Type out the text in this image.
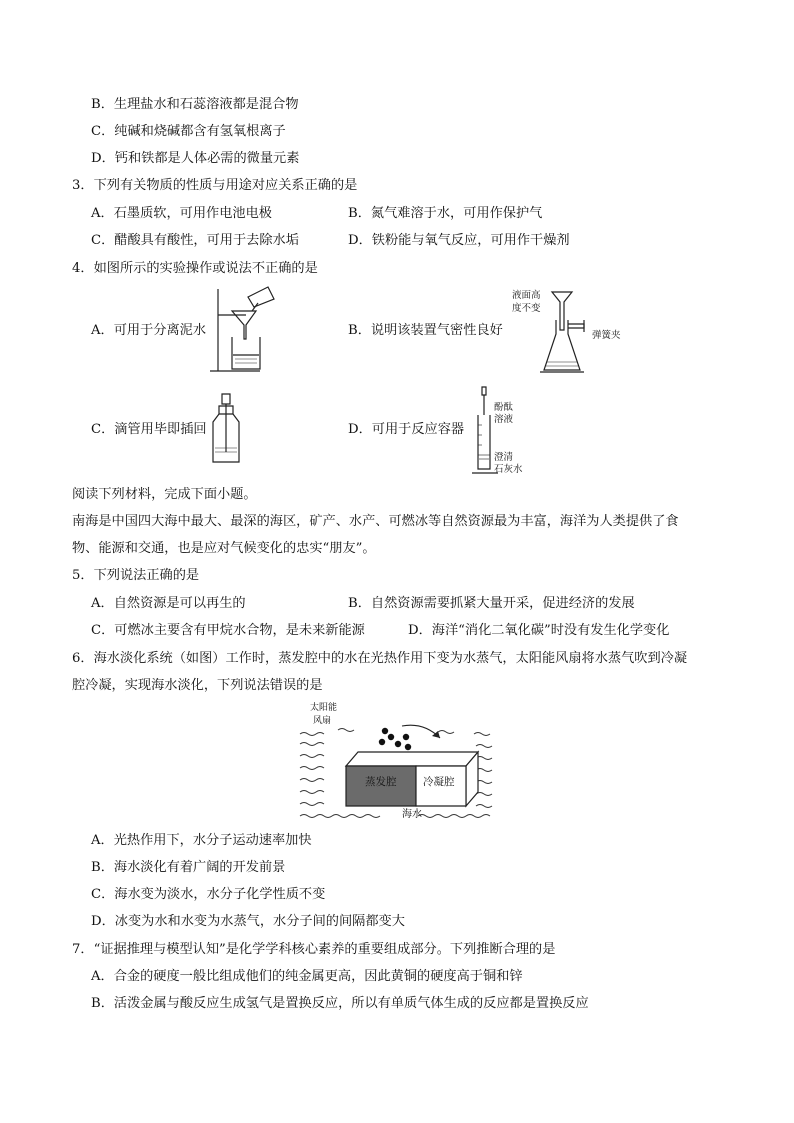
B．生理盐水和石蕊溶液都是混合物
C．纯碱和烧碱都含有氢氧根离子
D．钙和铁都是人体必需的微量元素
3．下列有关物质的性质与用途对应关系正确的是
A．石墨质软，可用作电池电极	B．氮气难溶于水，可用作保护气
C．醋酸具有酸性，可用于去除水垢	D．铁粉能与氧气反应，可用作干燥剂
4．如图所示的实验操作或说法不正确的是
A．可用于分离泥水	B．说明该装置气密性良好
C．滴管用毕即插回	D．可用于反应容器
液面高
度不变
弹簧夹
酚酞
溶液
澄清
石灰水
阅读下列材料，完成下面小题。
南海是中国四大海中最大、最深的海区，矿产、水产、可燃冰等自然资源最为丰富，海洋为人类提供了食
物、能源和交通，也是应对气候变化的忠实“朋友”。
5．下列说法正确的是
A．自然资源是可以再生的	B．自然资源需要抓紧大量开采，促进经济的发展
C．可燃冰主要含有甲烷水合物，是未来新能源	D．海洋“消化二氧化碳”时没有发生化学变化
6．海水淡化系统（如图）工作时，蒸发腔中的水在光热作用下变为水蒸气，太阳能风扇将水蒸气吹到冷凝
腔冷凝，实现海水淡化，下列说法错误的是
太阳能
风扇
蒸发腔	冷凝腔
海水
A．光热作用下，水分子运动速率加快
B．海水淡化有着广阔的开发前景
C．海水变为淡水，水分子化学性质不变
D．冰变为水和水变为水蒸气，水分子间的间隔都变大
7．“证据推理与模型认知”是化学学科核心素养的重要组成部分。下列推断合理的是
A．合金的硬度一般比组成他们的纯金属更高，因此黄铜的硬度高于铜和锌
B．活泼金属与酸反应生成氢气是置换反应，所以有单质气体生成的反应都是置换反应
